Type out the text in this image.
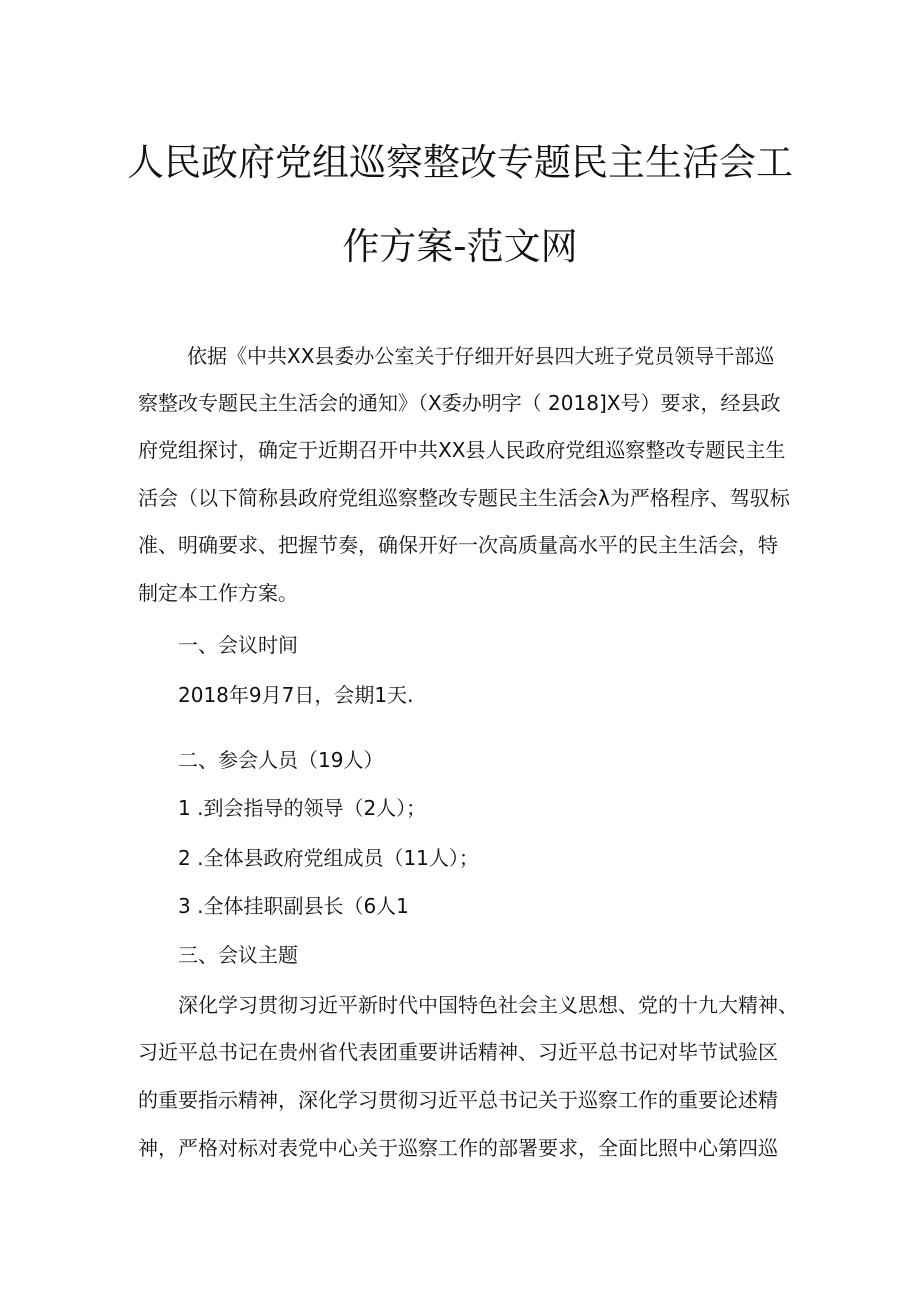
人民政府党组巡察整改专题民主生活会工
作方案-范文网
依据《中共XX县委办公室关于仔细开好县四大班子党员领导干部巡
察整改专题民主生活会的通知》（X委办明字（ 2018]X号）要求，经县政
府党组探讨，确定于近期召开中共XX县人民政府党组巡察整改专题民主生
活会（以下简称县政府党组巡察整改专题民主生活会λ为严格程序、驾驭标
准、明确要求、把握节奏，确保开好一次高质量高水平的民主生活会，特
制定本工作方案。
一、会议时间
2018年9月7日，会期1天.
二、参会人员（19人）
1 .到会指导的领导（2人）；
2 .全体县政府党组成员（11人）；
3 .全体挂职副县长（6人1
三、会议主题
深化学习贯彻习近平新时代中国特色社会主义思想、党的十九大精神、
习近平总书记在贵州省代表团重要讲话精神、习近平总书记对毕节试验区
的重要指示精神，深化学习贯彻习近平总书记关于巡察工作的重要论述精
神，严格对标对表党中心关于巡察工作的部署要求，全面比照中心第四巡
